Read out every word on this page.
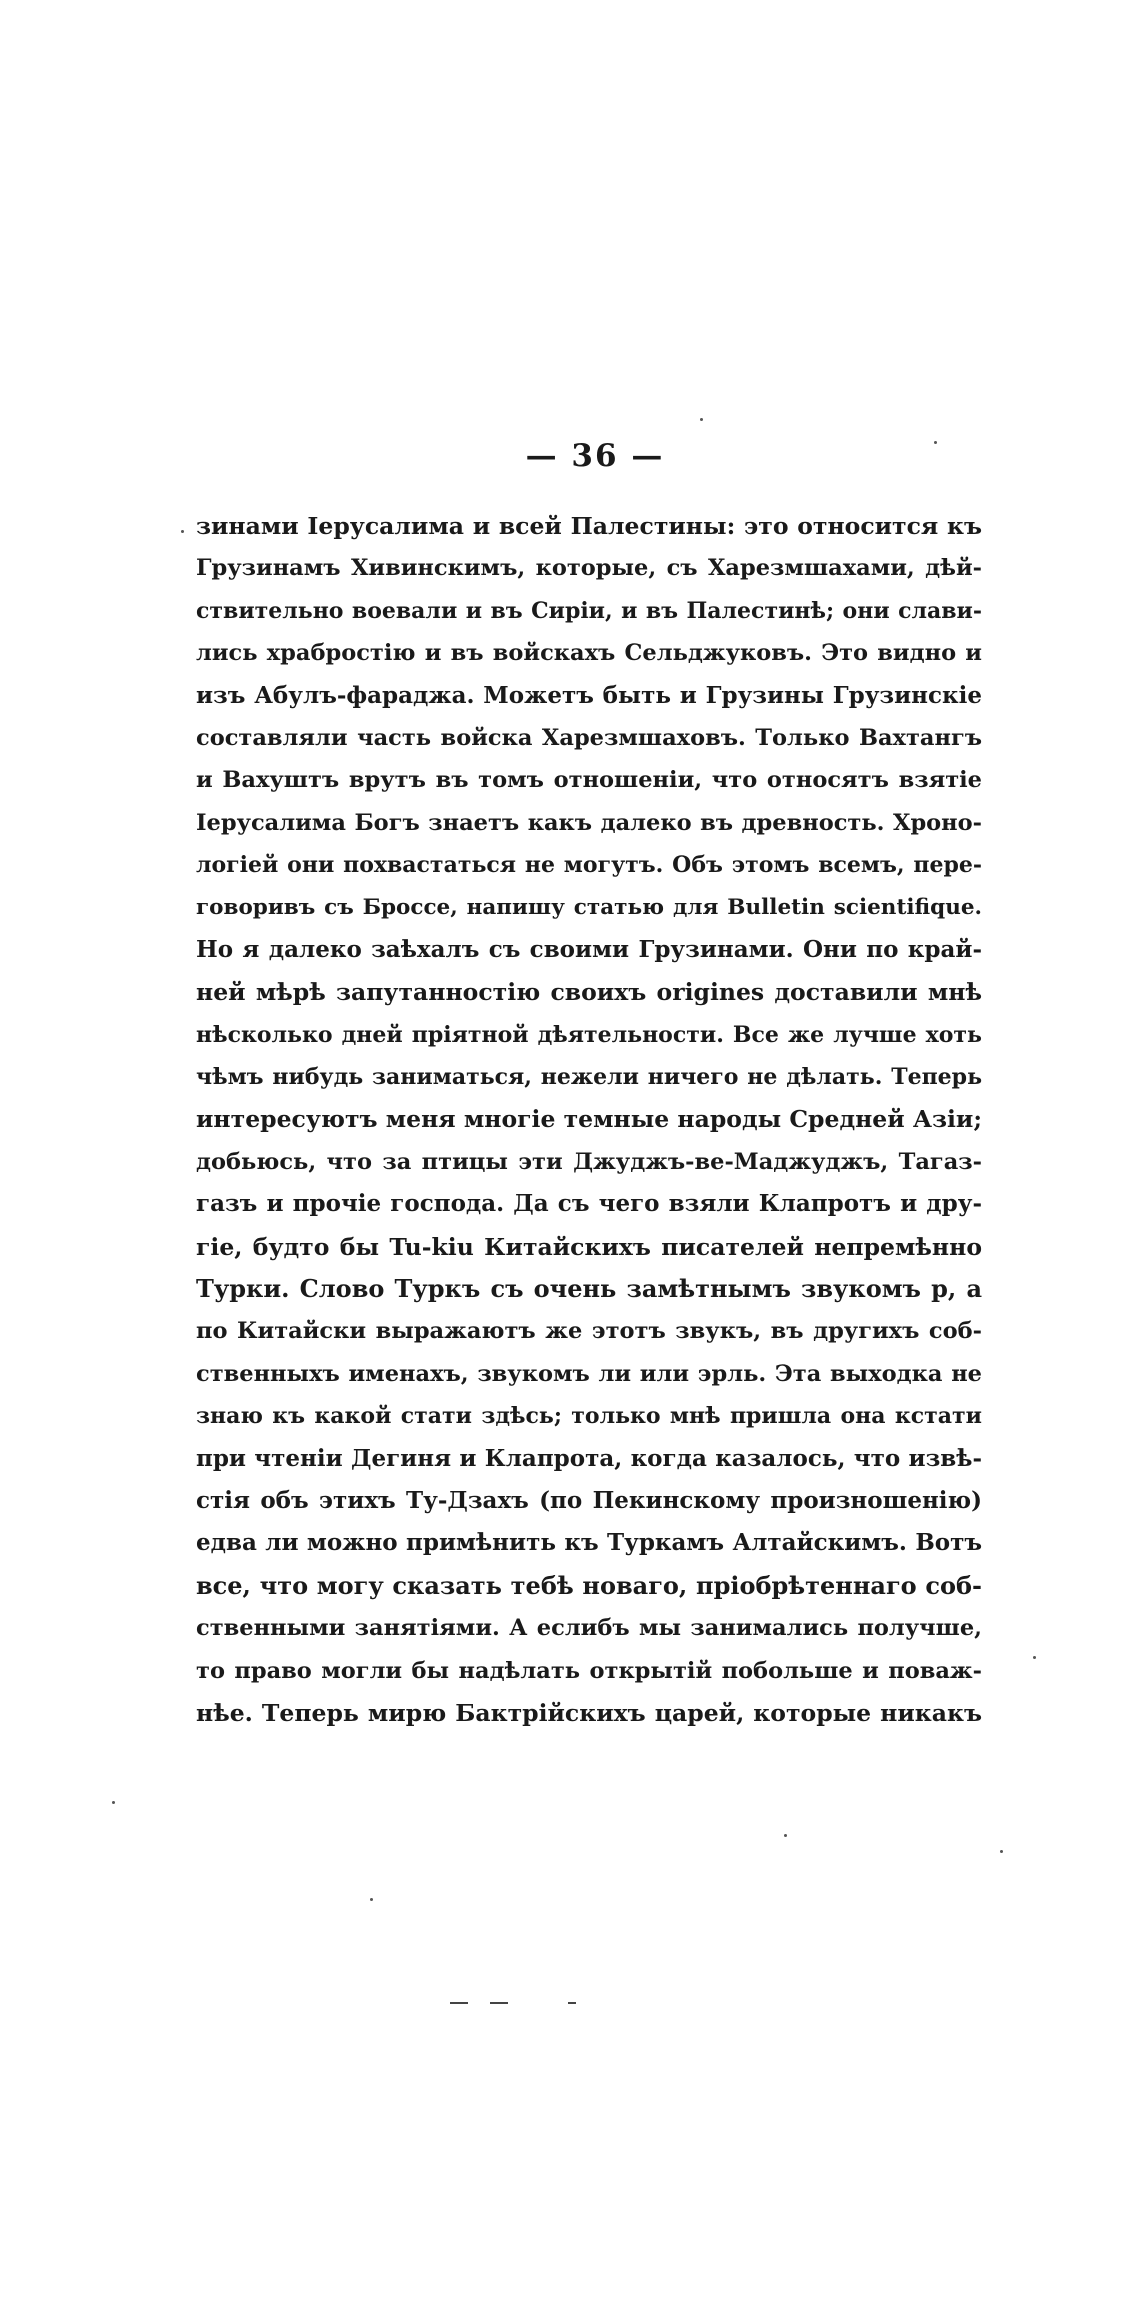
— 36 —
зинами Іерусалима и всей Палестины: это относится къ
Грузинамъ Хивинскимъ, которые, съ Харезмшахами, дѣй-
ствительно воевали и въ Сиріи, и въ Палестинѣ; они слави-
лись храбростію и въ войскахъ Сельджуковъ. Это видно и
изъ Абулъ-фараджа. Можетъ быть и Грузины Грузинскіе
составляли часть войска Харезмшаховъ. Только Вахтангъ
и Вахуштъ врутъ въ томъ отношеніи, что относятъ взятіе
Іерусалима Богъ знаетъ какъ далеко въ древность. Хроно-
логіей они похвастаться не могутъ. Объ этомъ всемъ, пере-
говоривъ съ Броссе, напишу статью для Bulletin scientifique.
Но я далеко заѣхалъ съ своими Грузинами. Они по край-
ней мѣрѣ запутанностію своихъ origines доставили мнѣ
нѣсколько дней пріятной дѣятельности. Все же лучше хоть
чѣмъ нибудь заниматься, нежели ничего не дѣлать. Теперь
интересуютъ меня многіе темные народы Средней Азіи;
добьюсь, что за птицы эти Джуджъ-ве-Маджуджъ, Тагаз-
газъ и прочіе господа. Да съ чего взяли Клапротъ и дру-
гіе, будто бы Tu-kiu Китайскихъ писателей непремѣнно
Турки. Слово Туркъ съ очень замѣтнымъ звукомъ р, а
по Китайски выражаютъ же этотъ звукъ, въ другихъ соб-
ственныхъ именахъ, звукомъ ли или эрль. Эта выходка не
знаю къ какой стати здѣсь; только мнѣ пришла она кстати
при чтеніи Дегиня и Клапрота, когда казалось, что извѣ-
стія объ этихъ Ту-Дзахъ (по Пекинскому произношенію)
едва ли можно примѣнить къ Туркамъ Алтайскимъ. Вотъ
все, что могу сказать тебѣ новаго, пріобрѣтеннаго соб-
ственными занятіями. А еслибъ мы занимались получше,
то право могли бы надѣлать открытій побольше и поваж-
нѣе. Теперь мирю Бактрійскихъ царей, которые никакъ
